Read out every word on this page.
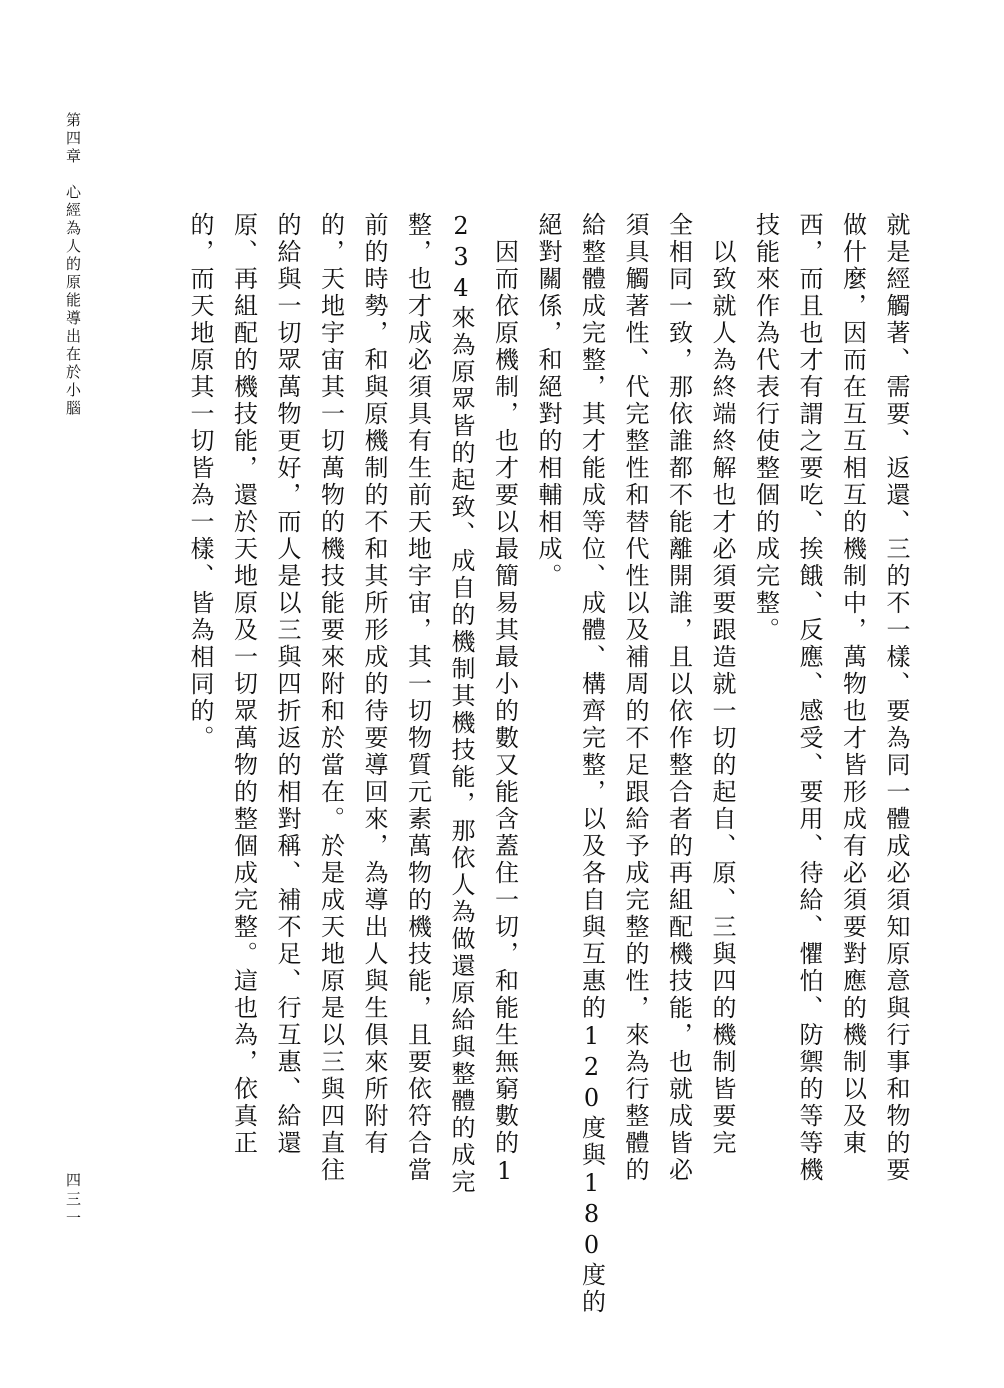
第四章　心經為人的原能導出在於小腦
四三一
就是經觸著、需要、返還、三的不一樣、要為同一體成必須知原意與行事和物的要
做什麼，因而在互互相互的機制中，萬物也才皆形成有必須要對應的機制以及東
西，而且也才有謂之要吃、挨餓、反應、感受、要用、待給、懼怕、防禦的等等機
技能來作為代表行使整個的成完整。
　以致就人為終端終解也才必須要跟造就一切的起自、原、三與四的機制皆要完
全相同一致，那依誰都不能離開誰，且以依作整合者的再組配機技能，也就成皆必
須具觸著性、代完整性和替代性以及補周的不足跟給予成完整的性，來為行整體的
給整體成完整，其才能成等位、成體、構齊完整，以及各自與互惠的120度與180度的
絕對關係，和絕對的相輔相成。
　因而依原機制，也才要以最簡易其最小的數又能含蓋住一切，和能生無窮數的1
234來為原眾皆的起致、成自的機制其機技能，那依人為做還原給與整體的成完
整，也才成必須具有生前天地宇宙，其一切物質元素萬物的機技能，且要依符合當
前的時勢，和與原機制的不和其所形成的待要導回來，為導出人與生俱來所附有
的，天地宇宙其一切萬物的機技能要來附和於當在。於是成天地原是以三與四直往
的給與一切眾萬物更好，而人是以三與四折返的相對稱、補不足、行互惠、給還
原、再組配的機技能，還於天地原及一切眾萬物的整個成完整。這也為，依真正
的，而天地原其一切皆為一樣、皆為相同的。
